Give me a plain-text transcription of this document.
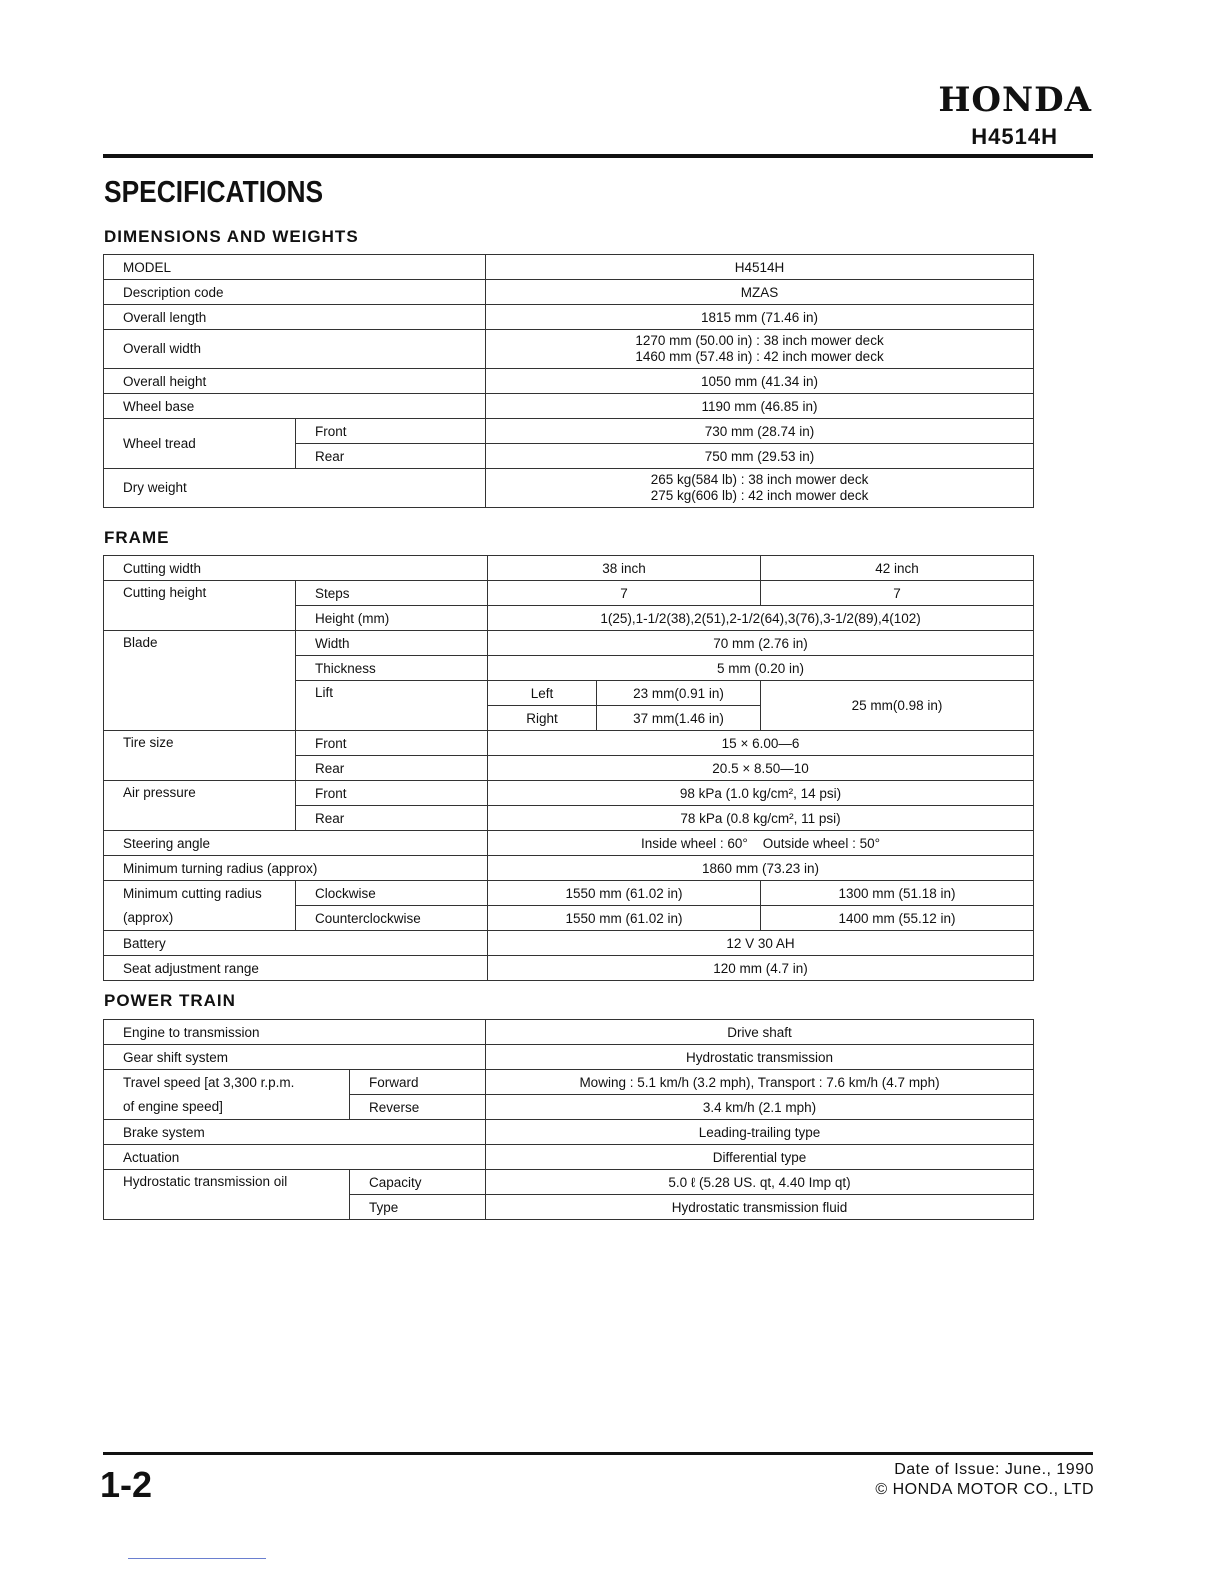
HONDA
H4514H
SPECIFICATIONS
DIMENSIONS AND WEIGHTS
MODEL		H4514H
Description code		MZAS
Overall length		1815 mm (71.46 in)
Overall width		1270 mm (50.00 in) : 38 inch mower deck
1460 mm (57.48 in) : 42 inch mower deck

Overall height		1050 mm (41.34 in)
Wheel base		1190 mm (46.85 in)
Wheel tread	Front	730 mm (28.74 in)
	Rear	750 mm (29.53 in)
Dry weight		265 kg(584 lb) : 38 inch mower deck
275 kg(606 lb) : 42 inch mower deck
FRAME
Cutting width		38 inch		42 inch
Cutting height	Steps	7		7
	Height (mm)	1(25),1-1/2(38),2(51),2-1/2(64),3(76),3-1/2(89),4(102)		
Blade	Width	70 mm (2.76 in)		
	Thickness	5 mm (0.20 in)		
	Lift	Left	23 mm(0.91 in)	25 mm(0.98 in)
		Right	37 mm(1.46 in)	
Tire size	Front	15 × 6.00—6		
	Rear	20.5 × 8.50—10		
Air pressure	Front	98 kPa (1.0 kg/cm², 14 psi)		
	Rear	78 kPa (0.8 kg/cm², 11 psi)		
Steering angle		Inside wheel : 60°    Outside wheel : 50°		
Minimum turning radius (approx)		1860 mm (73.23 in)		
Minimum cutting radius	Clockwise	1550 mm (61.02 in)		1300 mm (51.18 in)
(approx)	Counterclockwise	1550 mm (61.02 in)		1400 mm (55.12 in)
Battery		12 V 30 AH		
Seat adjustment range		120 mm (4.7 in)		
POWER TRAIN
Engine to transmission		Drive shaft
Gear shift system		Hydrostatic transmission
Travel speed [at 3,300 r.p.m.	Forward	Mowing : 5.1 km/h (3.2 mph), Transport : 7.6 km/h (4.7 mph)
of engine speed]	Reverse	3.4 km/h (2.1 mph)
Brake system		Leading-trailing type
Actuation		Differential type
Hydrostatic transmission oil	Capacity	5.0 ℓ (5.28 US. qt, 4.40 Imp qt)
	Type	Hydrostatic transmission fluid
1-2	Date of Issue: June., 1990
© HONDA MOTOR CO., LTD
